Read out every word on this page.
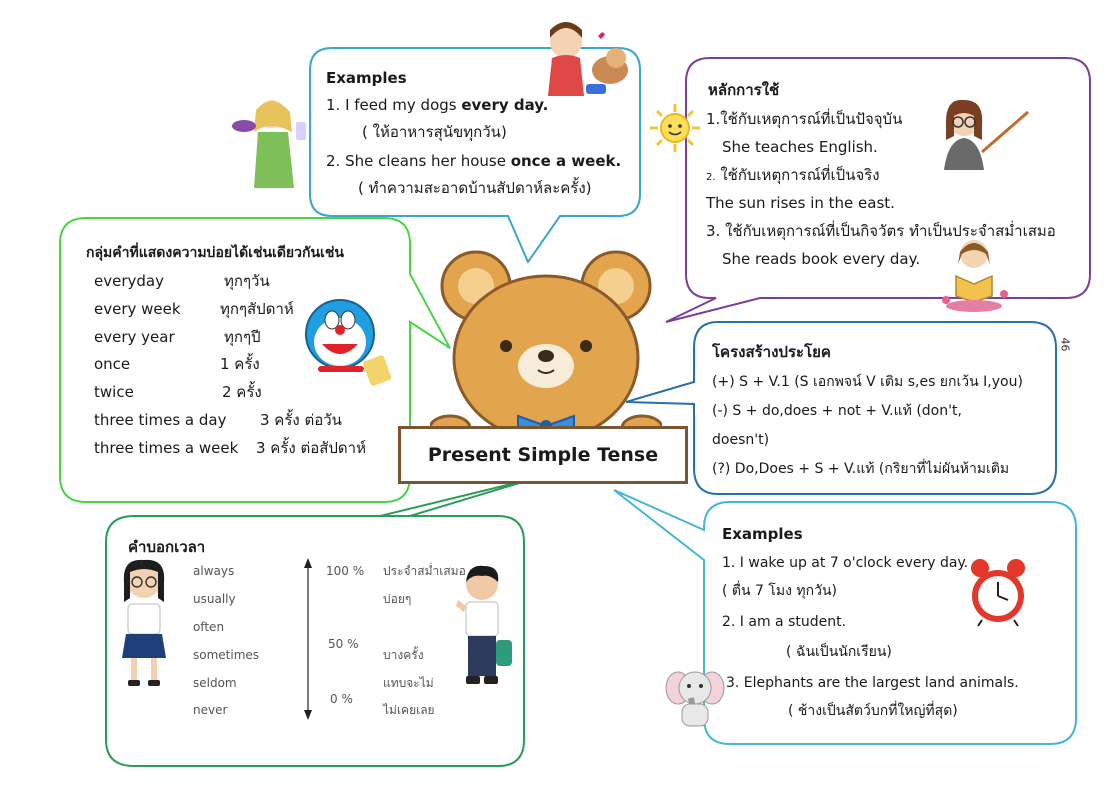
Present Simple Tense
46
Examples
1. I feed my dogs every day.
( ให้อาหารสุนัขทุกวัน)
2. She cleans her house once a week.
( ทำความสะอาดบ้านสัปดาห์ละครั้ง)
หลักการใช้
1.ใช้กับเหตุการณ์ที่เป็นปัจจุบัน
She teaches English.
2. ใช้กับเหตุการณ์ที่เป็นจริง
The sun rises in the east.
3. ใช้กับเหตุการณ์ที่เป็นกิจวัตร ทำเป็นประจำสม่ำเสมอ
She reads book every day.
กลุ่มคำที่แสดงความบ่อยได้เช่นเดียวกันเช่น
everyday	ทุกๆวัน
every week	ทุกๆสัปดาห์
every year	ทุกๆปี
once	1 ครั้ง
twice	2 ครั้ง
three times a day 3 ครั้ง ต่อวัน
three times a week 3 ครั้ง ต่อสัปดาห์
โครงสร้างประโยค
(+) S + V.1 (S เอกพจน์ V เติม s,es ยกเว้น I,you)
(-) S + do,does + not + V.แท้ (don't,
doesn't)
(?) Do,Does + S + V.แท้ (กริยาที่ไม่ผันห้ามเติม
คำบอกเวลา
always
usually
often
sometimes
seldom
never
100 %
50 %
0 %
ประจำสม่ำเสมอ
บ่อยๆ
บางครั้ง
แทบจะไม่
ไม่เคยเลย
Examples
1. I wake up at 7 o'clock every day.
( ตื่น 7 โมง ทุกวัน)
2. I am a student.
( ฉันเป็นนักเรียน)
3. Elephants are the largest land animals.
( ช้างเป็นสัตว์บกที่ใหญ่ที่สุด)
